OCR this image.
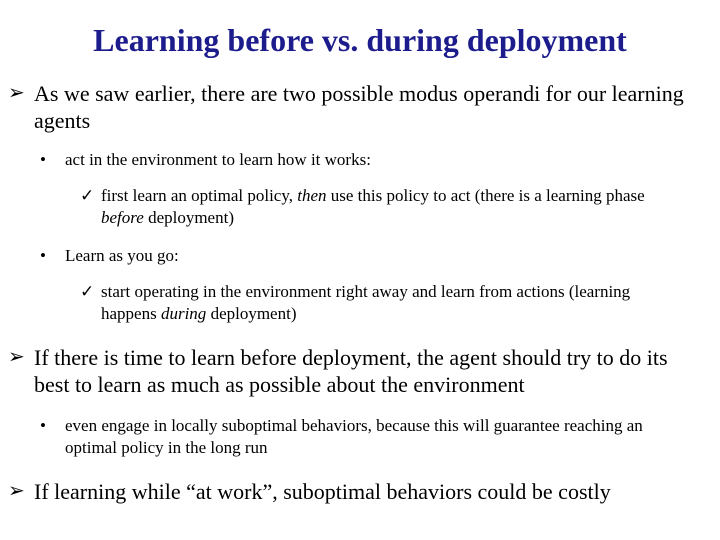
Learning before vs. during deployment
➢ As we saw earlier, there are two possible modus operandi for our learning agents
•	act in the environment to learn how it works:
✓ first learn an optimal policy, then use this policy to act (there is a learning phase before deployment)
•	Learn as you go:
✓ start operating in the environment right away and learn from actions (learning happens during deployment)
➢ If there is time to learn before deployment, the agent should try to do its best to learn as much as possible about the environment
•	even engage in locally suboptimal behaviors, because this will guarantee reaching an optimal policy in the long run
➢ If learning while “at work”, suboptimal behaviors could be costly
